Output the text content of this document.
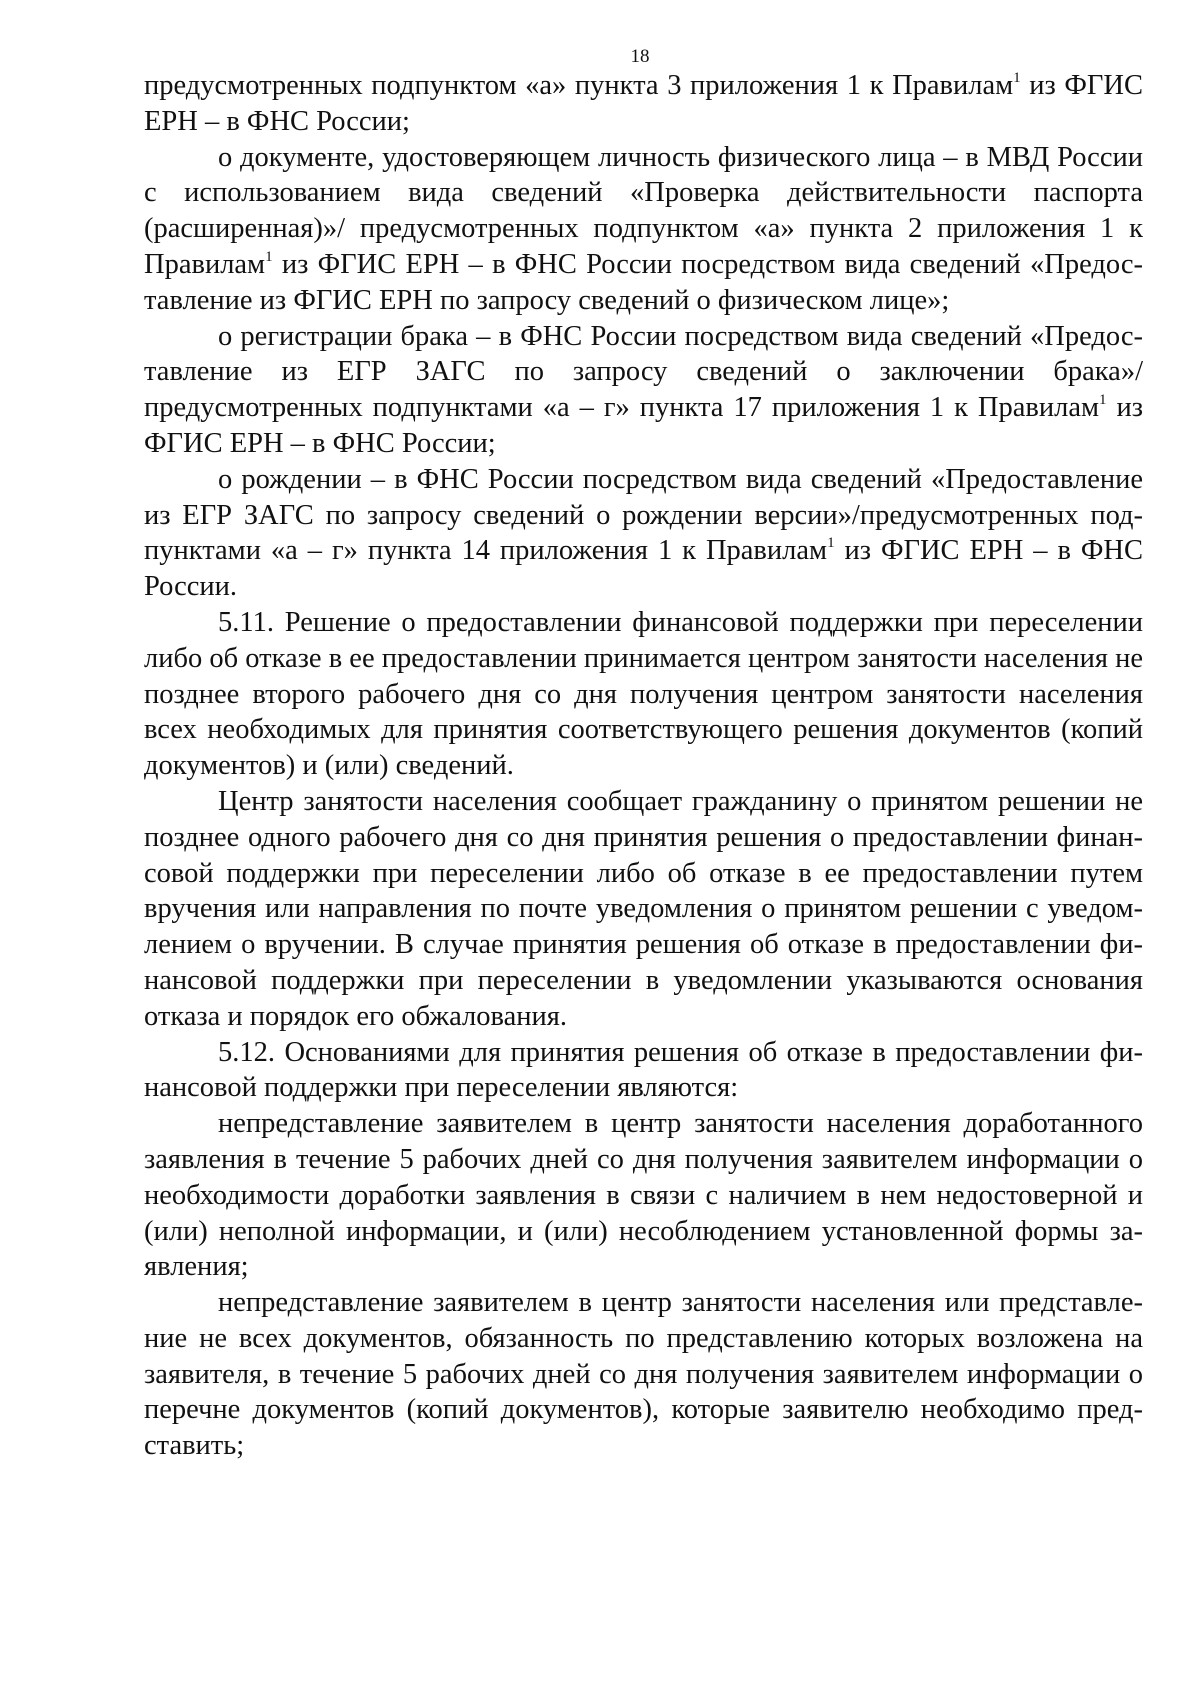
18

предусмотренных подпунктом «а» пункта 3 приложения 1 к Правилам$^1$ из ФГИС ЕРН – в ФНС России;

о документе, удостоверяющем личность физического лица – в МВД России с использованием вида сведений «Проверка действительности паспорта (расширенная)»/ предусмотренных подпунктом «а» пункта 2 приложения 1 к Правилам$^1$ из ФГИС ЕРН – в ФНС России посредством вида сведений «Предоставление из ФГИС ЕРН по запросу сведений о физическом лице»;

о регистрации брака – в ФНС России посредством вида сведений «Предоставление из ЕГР ЗАГС по запросу сведений о заключении брака»/предусмотренных подпунктами «а – г» пункта 17 приложения 1 к Правилам$^1$ из ФГИС ЕРН – в ФНС России;

о рождении – в ФНС России посредством вида сведений «Предоставление из ЕГР ЗАГС по запросу сведений о рождении версии»/предусмотренных подпунктами «а – г» пункта 14 приложения 1 к Правилам$^1$ из ФГИС ЕРН – в ФНС России.

5.11. Решение о предоставлении финансовой поддержки при переселении либо об отказе в ее предоставлении принимается центром занятости населения не позднее второго рабочего дня со дня получения центром занятости населения всех необходимых для принятия соответствующего решения документов (копий документов) и (или) сведений.

Центр занятости населения сообщает гражданину о принятом решении не позднее одного рабочего дня со дня принятия решения о предоставлении финансовой поддержки при переселении либо об отказе в ее предоставлении путем вручения или направления по почте уведомления о принятом решении с уведомлением о вручении. В случае принятия решения об отказе в предоставлении финансовой поддержки при переселении в уведомлении указываются основания отказа и порядок его обжалования.

5.12. Основаниями для принятия решения об отказе в предоставлении финансовой поддержки при переселении являются:

непредставление заявителем в центр занятости населения доработанного заявления в течение 5 рабочих дней со дня получения заявителем информации о необходимости доработки заявления в связи с наличием в нем недостоверной и (или) неполной информации, и (или) несоблюдением установленной формы заявления;

непредставление заявителем в центр занятости населения или представление не всех документов, обязанность по представлению которых возложена на заявителя, в течение 5 рабочих дней со дня получения заявителем информации о перечне документов (копий документов), которые заявителю необходимо представить;
